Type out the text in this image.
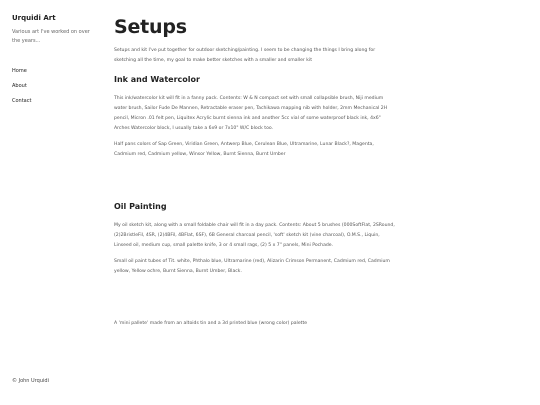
Urquidi Art

Various art I've worked on over the years...

Home
About
Contact
© John Urquidi
Setups

Setups and kit I've put together for outdoor sketching/painting. I seem to be changing the things I bring along for sketching all the time, my goal to make better sketches with a smaller and smaller kit

Ink and Watercolor

This ink/watercolor kit will fit in a fanny pack. Contents: W & N compact set with small collapsible brush, Niji medium water brush, Sailor Fude De Mannen, Retractable eraser pen, Tachikawa mapping nib with holder, 2mm Mechanical 2H pencil, Micron .01 felt pen, Liquitex Acrylic burnt sienna ink and another 5cc vial of some waterproof black ink, 4x6" Arches Watercolor block, I usually take a 6x9 or 7x10" W/C block too.

Half pans colors of Sap Green, Viridian Green, Antwerp Blue, Cerulean Blue, Ultramarine, Lunar Black?, Magenta, Cadmium red, Cadmium yellow, Winsor Yellow, Burnt Sienna, Burnt Umber

Oil Painting

My oil sketch kit, along with a small foldable chair will fit in a day pack. Contents: About 5 brushes (000SoftFlat, 2SRound, (2)2BristleFil, 4SR, (2)4BFil, 4BFlat, 6SF), 6B General charcoal pencil, 'soft' sketch kit (vine charcoal), O.M.S., Liquin, Linseed oil, medium cup, small palette knife, 3 or 4 small rags, (2) 5 x 7" panels, Mini Pochade.

Small oil paint tubes of Tit. white, Phthalo blue, Ultramarine (red), Alizarin Crimson Permanent, Cadmium red, Cadmium yellow, Yellow ochre, Burnt Sienna, Burnt Umber, Black.

A 'mini pallete' made from an altoids tin and a 3d printed blue (wrong color) palette
